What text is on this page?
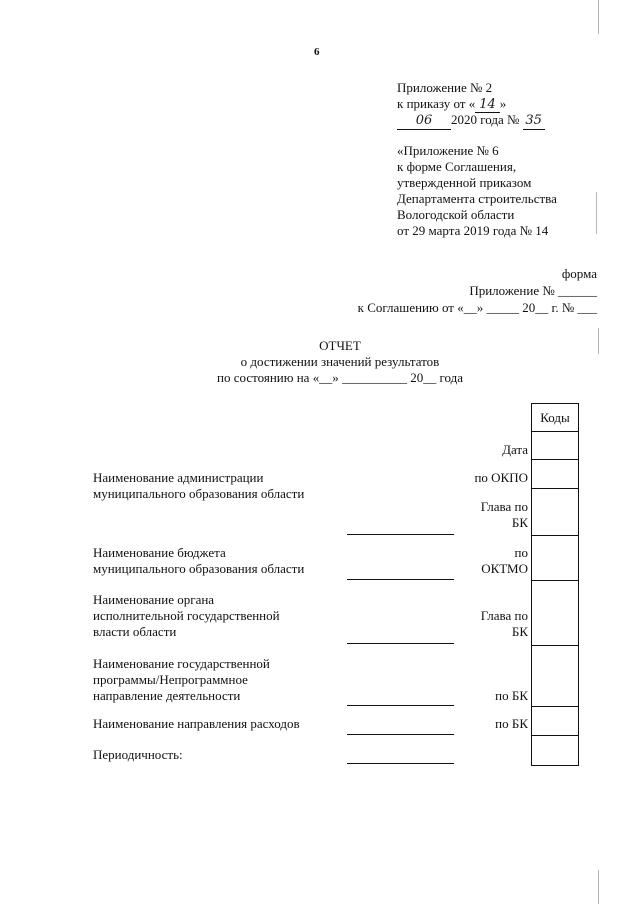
6
Приложение № 2
к приказу от « 14 »
06 2020 года № 35
«Приложение № 6
к форме Соглашения,
утвержденной приказом
Департамента строительства
Вологодской области
от 29 марта 2019 года № 14
форма
Приложение № ______
к Соглашению от «__» _____ 20__ г. № ___
ОТЧЕТ
о достижении значений результатов
по состоянию на «__» __________ 20__ года
Коды
Дата
по ОКПО
Глава по
БК
по
ОКТМО
Глава по
БК
по БК
по БК
Наименование администрации
муниципального образования области
Наименование бюджета
муниципального образования области
Наименование органа
исполнительной государственной
власти области
Наименование государственной
программы/Непрограммное
направление деятельности
Наименование направления расходов
Периодичность:
